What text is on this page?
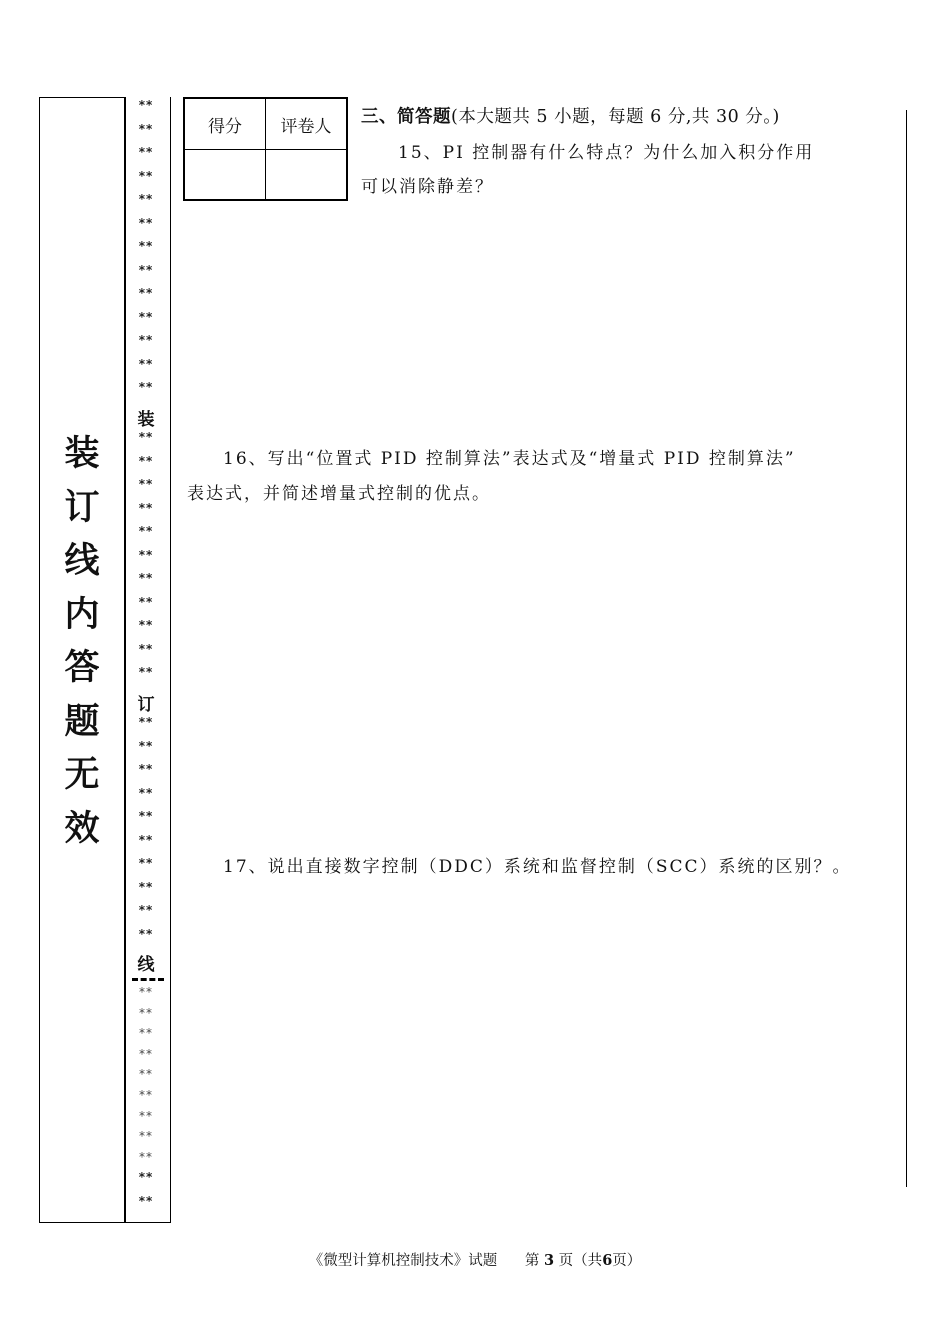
装
订
线
内
答
题
无
效
**
**
**
**
**
**
**
**
**
**
**
**
**
装
**
**
**
**
**
**
**
**
**
**
**
订
**
**
**
**
**
**
**
**
**
**
线
**
**
**
**
**
**
**
**
**
**
**
得分	评卷人
	三、简答题(本大题共 5 小题，每题 6 分,共 30 分。)
15、PI 控制器有什么特点？为什么加入积分作用
可以消除静差？
16、写出“位置式 PID 控制算法”表达式及“增量式 PID 控制算法”
表达式，并简述增量式控制的优点。
17、说出直接数字控制（DDC）系统和监督控制（SCC）系统的区别？。
《微型计算机控制技术》试题 第 3 页（共6页）
